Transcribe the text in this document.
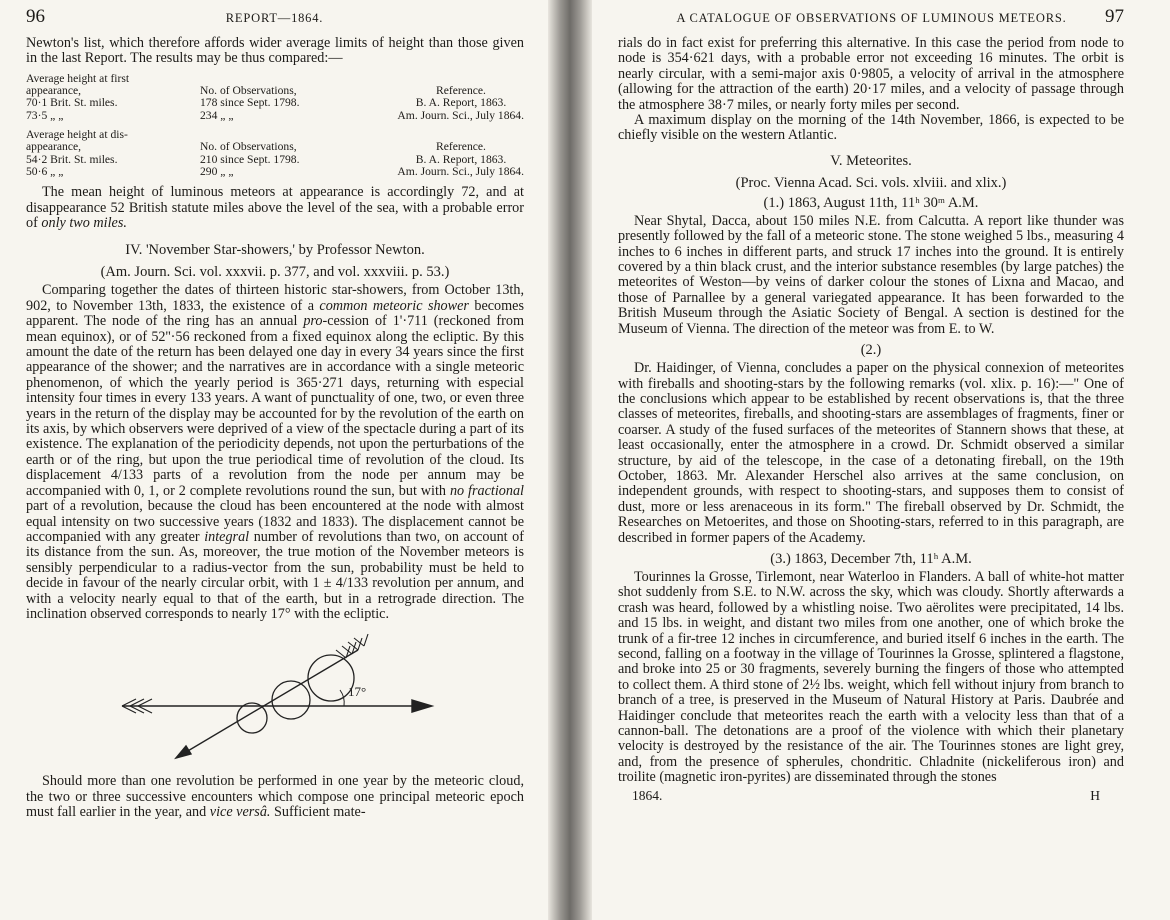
96	REPORT—1864.

Newton's list, which therefore affords wider average limits of height than those given in the last Report. The results may be thus compared:—

Average height at first
appearance,	No. of Observations,	Reference.
70·1 Brit. St. miles.	178 since Sept. 1798.	B. A. Report, 1863.
73·5 „ „	234 „ „	Am. Journ. Sci., July 1864.
Average height at dis-
appearance,	No. of Observations,	Reference.
54·2 Brit. St. miles.	210 since Sept. 1798.	B. A. Report, 1863.
50·6 „ „	290 „ „	Am. Journ. Sci., July 1864.

The mean height of luminous meteors at appearance is accordingly 72, and at disappearance 52 British statute miles above the level of the sea, with a probable error of only two miles.

IV. 'November Star-showers,' by Professor Newton.
(Am. Journ. Sci. vol. xxxvii. p. 377, and vol. xxxviii. p. 53.)

Comparing together the dates of thirteen historic star-showers, from October 13th, 902, to November 13th, 1833, the existence of a common meteoric shower becomes apparent. The node of the ring has an annual pro-cession of 1'·711 (reckoned from mean equinox), or of 52''·56 reckoned from a fixed equinox along the ecliptic. By this amount the date of the return has been delayed one day in every 34 years since the first appearance of the shower; and the narratives are in accordance with a single meteoric phenomenon, of which the yearly period is 365·271 days, returning with especial intensity four times in every 133 years. A want of punctuality of one, two, or even three years in the return of the display may be accounted for by the revolution of the earth on its axis, by which observers were deprived of a view of the spectacle during a part of its existence. The explanation of the periodicity depends, not upon the perturbations of the earth or of the ring, but upon the true periodical time of revolution of the cloud. Its displacement 4/133 parts of a revolution from the node per annum may be accompanied with 0, 1, or 2 complete revolutions round the sun, but with no fractional part of a revolution, because the cloud has been encountered at the node with almost equal intensity on two successive years (1832 and 1833). The displacement cannot be accompanied with any greater integral number of revolutions than two, on account of its distance from the sun. As, moreover, the true motion of the November meteors is sensibly perpendicular to a radius-vector from the sun, probability must be held to decide in favour of the nearly circular orbit, with 1 ± 4/133 revolution per annum, and with a velocity nearly equal to that of the earth, but in a retrograde direction. The inclination observed corresponds to nearly 17° with the ecliptic.

17°

Should more than one revolution be performed in one year by the meteoric cloud, the two or three successive encounters which compose one principal meteoric epoch must fall earlier in the year, and vice versâ. Sufficient mate-

A CATALOGUE OF OBSERVATIONS OF LUMINOUS METEORS. 97

rials do in fact exist for preferring this alternative. In this case the period from node to node is 354·621 days, with a probable error not exceeding 16 minutes. The orbit is nearly circular, with a semi-major axis 0·9805, a velocity of arrival in the atmosphere (allowing for the attraction of the earth) 20·17 miles, and a velocity of passage through the atmosphere 38·7 miles, or nearly forty miles per second.

A maximum display on the morning of the 14th November, 1866, is expected to be chiefly visible on the western Atlantic.

V. Meteorites.
(Proc. Vienna Acad. Sci. vols. xlviii. and xlix.)
(1.) 1863, August 11th, 11ʰ 30ᵐ A.M.

Near Shytal, Dacca, about 150 miles N.E. from Calcutta. A report like thunder was presently followed by the fall of a meteoric stone. The stone weighed 5 lbs., measuring 4 inches to 6 inches in different parts, and struck 17 inches into the ground. It is entirely covered by a thin black crust, and the interior substance resembles (by large patches) the meteorites of Weston—by veins of darker colour the stones of Lixna and Macao, and those of Parnallee by a general variegated appearance. It has been forwarded to the British Museum through the Asiatic Society of Bengal. A section is destined for the Museum of Vienna. The direction of the meteor was from E. to W.

(2.)

Dr. Haidinger, of Vienna, concludes a paper on the physical connexion of meteorites with fireballs and shooting-stars by the following remarks (vol. xlix. p. 16):—" One of the conclusions which appear to be established by recent observations is, that the three classes of meteorites, fireballs, and shooting-stars are assemblages of fragments, finer or coarser. A study of the fused surfaces of the meteorites of Stannern shows that these, at least occasionally, enter the atmosphere in a crowd. Dr. Schmidt observed a similar structure, by aid of the telescope, in the case of a detonating fireball, on the 19th October, 1863. Mr. Alexander Herschel also arrives at the same conclusion, on independent grounds, with respect to shooting-stars, and supposes them to consist of dust, more or less arenaceous in its form." The fireball observed by Dr. Schmidt, the Researches on Metoerites, and those on Shooting-stars, referred to in this paragraph, are described in former papers of the Academy.

(3.) 1863, December 7th, 11ʰ A.M.

Tourinnes la Grosse, Tirlemont, near Waterloo in Flanders. A ball of white-hot matter shot suddenly from S.E. to N.W. across the sky, which was cloudy. Shortly afterwards a crash was heard, followed by a whistling noise. Two aërolites were precipitated, 14 lbs. and 15 lbs. in weight, and distant two miles from one another, one of which broke the trunk of a fir-tree 12 inches in circumference, and buried itself 6 inches in the earth. The second, falling on a footway in the village of Tourinnes la Grosse, splintered a flagstone, and broke into 25 or 30 fragments, severely burning the fingers of those who attempted to collect them. A third stone of 2½ lbs. weight, which fell without injury from branch to branch of a tree, is preserved in the Museum of Natural History at Paris. Daubrée and Haidinger conclude that meteorites reach the earth with a velocity less than that of a cannon-ball. The detonations are a proof of the violence with which their planetary velocity is destroyed by the resistance of the air. The Tourinnes stones are light grey, and, from the presence of spherules, chondritic. Chladnite (nickeliferous iron) and troilite (magnetic iron-pyrites) are disseminated through the stones

1864.	H
